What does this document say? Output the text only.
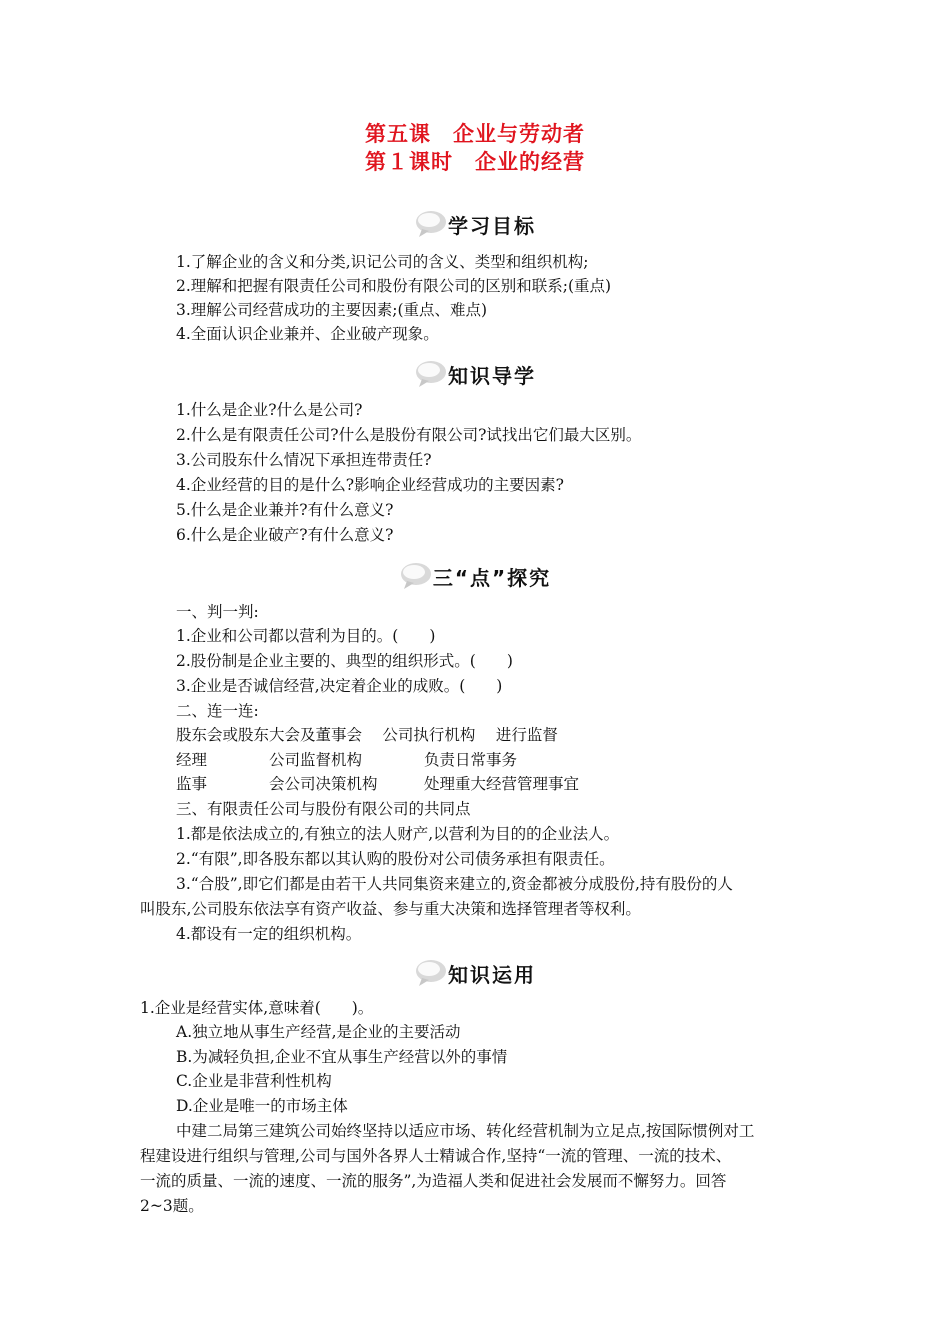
第五课　企业与劳动者
第１课时　企业的经营
学习目标
1.了解企业的含义和分类,识记公司的含义、类型和组织机构;
2.理解和把握有限责任公司和股份有限公司的区别和联系;(重点)
3.理解公司经营成功的主要因素;(重点、难点)
4.全面认识企业兼并、企业破产现象。
知识导学
1.什么是企业?什么是公司?
2.什么是有限责任公司?什么是股份有限公司?试找出它们最大区别。
3.公司股东什么情况下承担连带责任?
4.企业经营的目的是什么?影响企业经营成功的主要因素?
5.什么是企业兼并?有什么意义?
6.什么是企业破产?有什么意义?
三“点”探究
一、判一判:
1.企业和公司都以营利为目的。(　　)
2.股份制是企业主要的、典型的组织形式。(　　)
3.企业是否诚信经营,决定着企业的成败。(　　)
二、连一连:
股东会或股东大会及董事会　 公司执行机构　 进行监督
经理　　　　公司监督机构　　　　负责日常事务
监事　　　　会公司决策机构　　　处理重大经营管理事宜
三、有限责任公司与股份有限公司的共同点
1.都是依法成立的,有独立的法人财产,以营利为目的的企业法人。
2.“有限”,即各股东都以其认购的股份对公司债务承担有限责任。
3.“合股”,即它们都是由若干人共同集资来建立的,资金都被分成股份,持有股份的人
叫股东,公司股东依法享有资产收益、参与重大决策和选择管理者等权利。
4.都设有一定的组织机构。
知识运用
1.企业是经营实体,意味着(　　)。
A.独立地从事生产经营,是企业的主要活动
B.为减轻负担,企业不宜从事生产经营以外的事情
C.企业是非营利性机构
D.企业是唯一的市场主体
中建二局第三建筑公司始终坚持以适应市场、转化经营机制为立足点,按国际惯例对工
程建设进行组织与管理,公司与国外各界人士精诚合作,坚持“一流的管理、一流的技术、
一流的质量、一流的速度、一流的服务”,为造福人类和促进社会发展而不懈努力。回答
2~3题。
